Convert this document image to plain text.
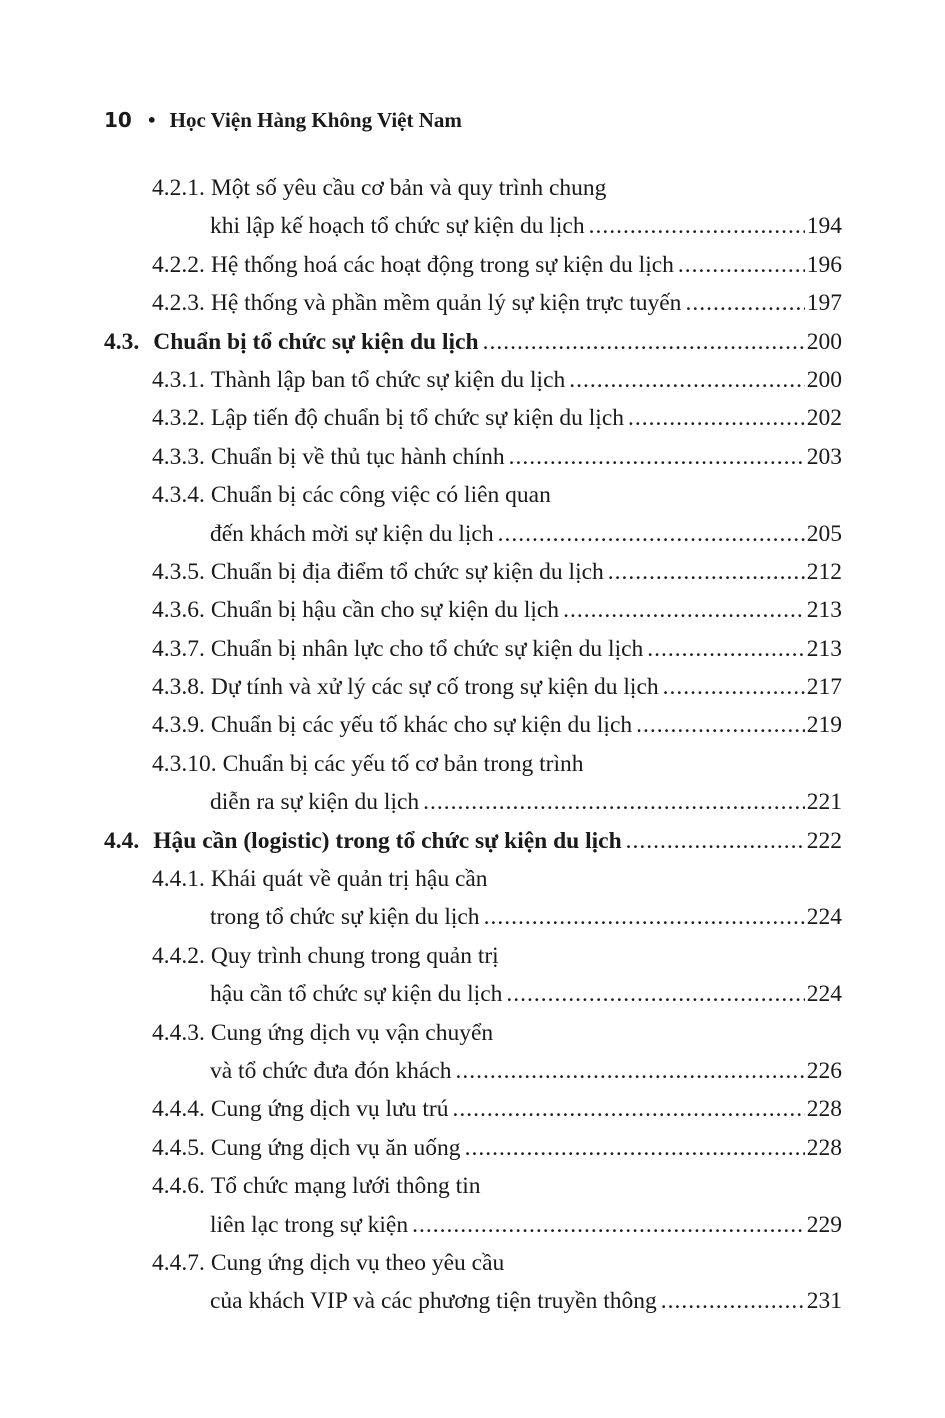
10 • Học Viện Hàng Không Việt Nam
4.2.1. Một số yêu cầu cơ bản và quy trình chung
khi lập kế hoạch tổ chức sự kiện du lịch .....	194
4.2.2. Hệ thống hoá các hoạt động trong sự kiện du lịch .....	196
4.2.3. Hệ thống và phần mềm quản lý sự kiện trực tuyến .....	197
4.3. Chuẩn bị tổ chức sự kiện du lịch .....	200
4.3.1. Thành lập ban tổ chức sự kiện du lịch .....	200
4.3.2. Lập tiến độ chuẩn bị tổ chức sự kiện du lịch .....	202
4.3.3. Chuẩn bị về thủ tục hành chính .....	203
4.3.4. Chuẩn bị các công việc có liên quan
đến khách mời sự kiện du lịch .....	205
4.3.5. Chuẩn bị địa điểm tổ chức sự kiện du lịch .....	212
4.3.6. Chuẩn bị hậu cần cho sự kiện du lịch .....	213
4.3.7. Chuẩn bị nhân lực cho tổ chức sự kiện du lịch .....	213
4.3.8. Dự tính và xử lý các sự cố trong sự kiện du lịch .....	217
4.3.9. Chuẩn bị các yếu tố khác cho sự kiện du lịch .....	219
4.3.10. Chuẩn bị các yếu tố cơ bản trong trình
diễn ra sự kiện du lịch .....	221
4.4. Hậu cần (logistic) trong tổ chức sự kiện du lịch .....	222
4.4.1. Khái quát về quản trị hậu cần
trong tổ chức sự kiện du lịch .....	224
4.4.2. Quy trình chung trong quản trị
hậu cần tổ chức sự kiện du lịch .....	224
4.4.3. Cung ứng dịch vụ vận chuyển
và tổ chức đưa đón khách .....	226
4.4.4. Cung ứng dịch vụ lưu trú .....	228
4.4.5. Cung ứng dịch vụ ăn uống .....	228
4.4.6. Tổ chức mạng lưới thông tin
liên lạc trong sự kiện .....	229
4.4.7. Cung ứng dịch vụ theo yêu cầu
của khách VIP và các phương tiện truyền thông .....	231
